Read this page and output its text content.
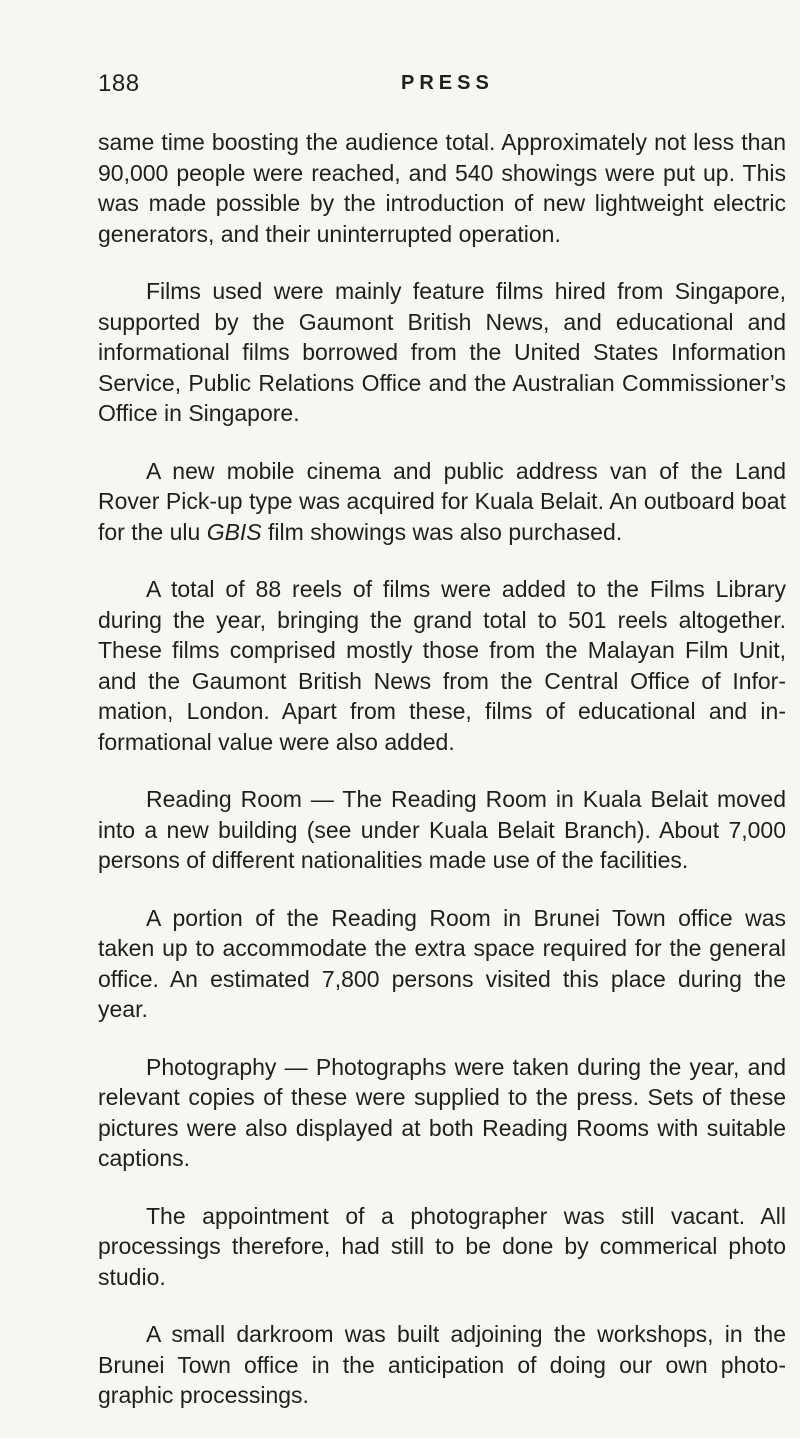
188	PRESS

same time boosting the audience total. Approximately not less than 90,000 people were reached, and 540 showings were put up. This was made possible by the introduction of new lightweight electric generators, and their uninterrupted operation.

Films used were mainly feature films hired from Singapore, supported by the Gaumont British News, and educational and informational films borrowed from the United States Information Service, Public Relations Office and the Australian Commissioner’s Office in Singapore.

A new mobile cinema and public address van of the Land Rover Pick-up type was acquired for Kuala Belait. An outboard boat for the ulu GBIS film showings was also purchased.

A total of 88 reels of films were added to the Films Library during the year, bringing the grand total to 501 reels altogether. These films comprised mostly those from the Malayan Film Unit, and the Gaumont British News from the Central Office of Infor- mation, London. Apart from these, films of educational and in- formational value were also added.

Reading Room — The Reading Room in Kuala Belait moved into a new building (see under Kuala Belait Branch). About 7,000 persons of different nationalities made use of the facilities.

A portion of the Reading Room in Brunei Town office was taken up to accommodate the extra space required for the general office. An estimated 7,800 persons visited this place during the year.

Photography — Photographs were taken during the year, and relevant copies of these were supplied to the press. Sets of these pictures were also displayed at both Reading Rooms with suitable captions.

The appointment of a photographer was still vacant. All processings therefore, had still to be done by commerical photo studio.

A small darkroom was built adjoining the workshops, in the Brunei Town office in the anticipation of doing our own photo- graphic processings.
